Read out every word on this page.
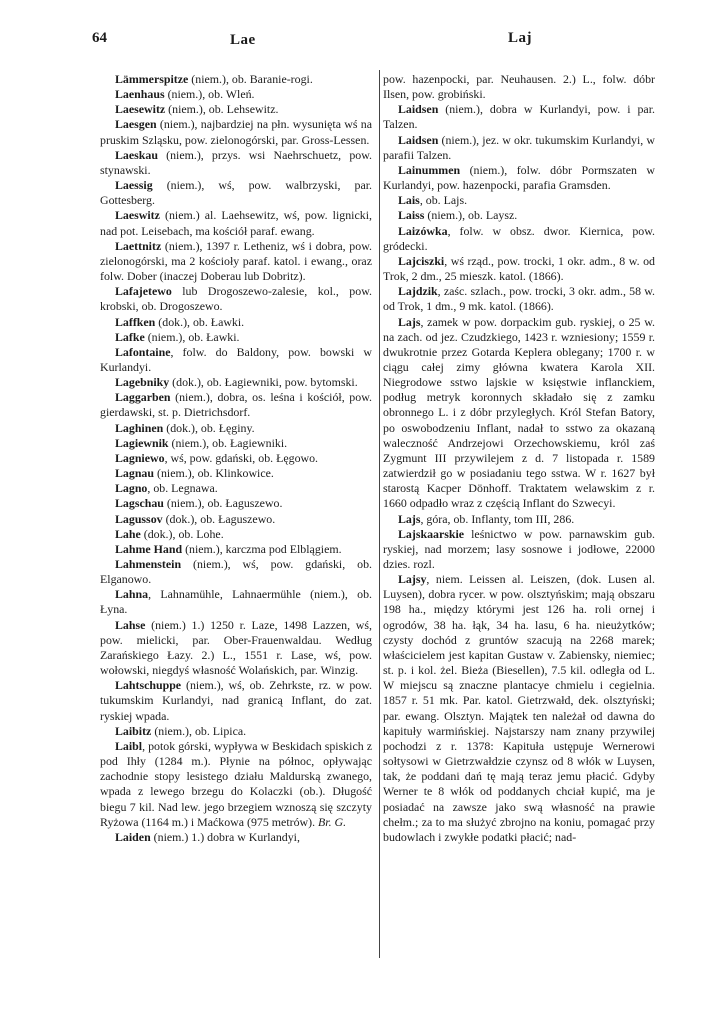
64	Lae	Laj

Lämmerspitze (niem.), ob. Baranie-rogi.

Laenhaus (niem.), ob. Wleń.

Laesewitz (niem.), ob. Lehsewitz.

Laesgen (niem.), najbardziej na płn. wysunięta wś na pruskim Szląsku, pow. zielonogórski, par. Gross-Lessen.

Laeskau (niem.), przys. wsi Naehrschuetz, pow. stynawski.

Laessig (niem.), wś, pow. walbrzyski, par. Gottesberg.

Laeswitz (niem.) al. Laehsewitz, wś, pow. lignicki, nad pot. Leisebach, ma kościół paraf. ewang.

Laettnitz (niem.), 1397 r. Letheniz, wś i dobra, pow. zielonogórski, ma 2 kościoły paraf. katol. i ewang., oraz folw. Dober (inaczej Doberau lub Dobritz).

Lafajetewo lub Drogoszewo-zalesie, kol., pow. krobski, ob. Drogoszewo.

Laffken (dok.), ob. Ławki.

Lafke (niem.), ob. Ławki.

Lafontaine, folw. do Baldony, pow. bowski w Kurlandyi.

Lagebniky (dok.), ob. Łagiewniki, pow. bytomski.

Laggarben (niem.), dobra, os. leśna i kościół, pow. gierdawski, st. p. Dietrichsdorf.

Laghinen (dok.), ob. Łęginy.

Lagiewnik (niem.), ob. Łagiewniki.

Lagniewo, wś, pow. gdański, ob. Łęgowo.

Lagnau (niem.), ob. Klinkowice.

Lagno, ob. Legnawa.

Lagschau (niem.), ob. Łaguszewo.

Lagussov (dok.), ob. Łaguszewo.

Lahe (dok.), ob. Lohe.

Lahme Hand (niem.), karczma pod Elblągiem.

Lahmenstein (niem.), wś, pow. gdański, ob. Elganowo.

Lahna, Lahnamühle, Lahnaermühle (niem.), ob. Łyna.

Lahse (niem.) 1.) 1250 r. Laze, 1498 Lazzen, wś, pow. mielicki, par. Ober-Frauenwaldau. Według Zarańskiego Łazy. 2.) L., 1551 r. Lase, wś, pow. wołowski, niegdyś własność Wolańskich, par. Winzig.

Lahtschuppe (niem.), wś, ob. Zehrkste, rz. w pow. tukumskim Kurlandyi, nad granicą Inflant, do zat. ryskiej wpada.

Laibitz (niem.), ob. Lipica.

Laibl, potok górski, wypływa w Beskidach spiskich z pod Ihły (1284 m.). Płynie na północ, opływając zachodnie stopy lesistego działu Maldurską zwanego, wpada z lewego brzegu do Kolaczki (ob.). Długość biegu 7 kil. Nad lew. jego brzegiem wznoszą się szczyty Ryżowa (1164 m.) i Maćkowa (975 metrów). Br. G.

Laiden (niem.) 1.) dobra w Kurlandyi,

pow. hazenpocki, par. Neuhausen. 2.) L., folw. dóbr Ilsen, pow. grobiński.

Laidsen (niem.), dobra w Kurlandyi, pow. i par. Talzen.

Laidsen (niem.), jez. w okr. tukumskim Kurlandyi, w parafii Talzen.

Lainummen (niem.), folw. dóbr Pormszaten w Kurlandyi, pow. hazenpocki, parafia Gramsden.

Lais, ob. Lajs.

Laiss (niem.), ob. Laysz.

Laizówka, folw. w obsz. dwor. Kiernica, pow. gródecki.

Lajciszki, wś rząd., pow. trocki, 1 okr. adm., 8 w. od Trok, 2 dm., 25 mieszk. katol. (1866).

Lajdzik, zaśc. szlach., pow. trocki, 3 okr. adm., 58 w. od Trok, 1 dm., 9 mk. katol. (1866).

Lajs, zamek w pow. dorpackim gub. ryskiej, o 25 w. na zach. od jez. Czudzkiego, 1423 r. wzniesiony; 1559 r. dwukrotnie przez Gotarda Keplera oblegany; 1700 r. w ciągu całej zimy główna kwatera Karola XII. Niegrodowe sstwo lajskie w księstwie inflanckiem, podług metryk koronnych składało się z zamku obronnego L. i z dóbr przyległych. Król Stefan Batory, po oswobodzeniu Inflant, nadał to sstwo za okazaną waleczność Andrzejowi Orzechowskiemu, król zaś Zygmunt III przywilejem z d. 7 listopada r. 1589 zatwierdził go w posiadaniu tego sstwa. W r. 1627 był starostą Kacper Dönhoff. Traktatem welawskim z r. 1660 odpadło wraz z częścią Inflant do Szwecyi.

Lajs, góra, ob. Inflanty, tom III, 286.

Lajskaarskie leśnictwo w pow. parnawskim gub. ryskiej, nad morzem; lasy sosnowe i jodłowe, 22000 dzies. rozl.

Lajsy, niem. Leissen al. Leiszen, (dok. Lusen al. Luysen), dobra rycer. w pow. olsztyńskim; mają obszaru 198 ha., między którymi jest 126 ha. roli ornej i ogrodów, 38 ha. łąk, 34 ha. lasu, 6 ha. nieużytków; czysty dochód z gruntów szacują na 2268 marek; właścicielem jest kapitan Gustaw v. Zabiensky, niemiec; st. p. i kol. żel. Bieża (Biesellen), 7.5 kil. odległa od L. W miejscu są znaczne plantacye chmielu i cegielnia. 1857 r. 51 mk. Par. katol. Gietrzwałd, dek. olsztyński; par. ewang. Olsztyn. Majątek ten należał od dawna do kapituły warmińskiej. Najstarszy nam znany przywilej pochodzi z r. 1378: Kapituła ustępuje Wernerowi sołtysowi w Gietrzwałdzie czynsz od 8 włók w Luysen, tak, że poddani dań tę mają teraz jemu płacić. Gdyby Werner te 8 włók od poddanych chciał kupić, ma je posiadać na zawsze jako swą własność na prawie chełm.; za to ma służyć zbrojno na koniu, pomagać przy budowlach i zwykłe podatki płacić; nad-
